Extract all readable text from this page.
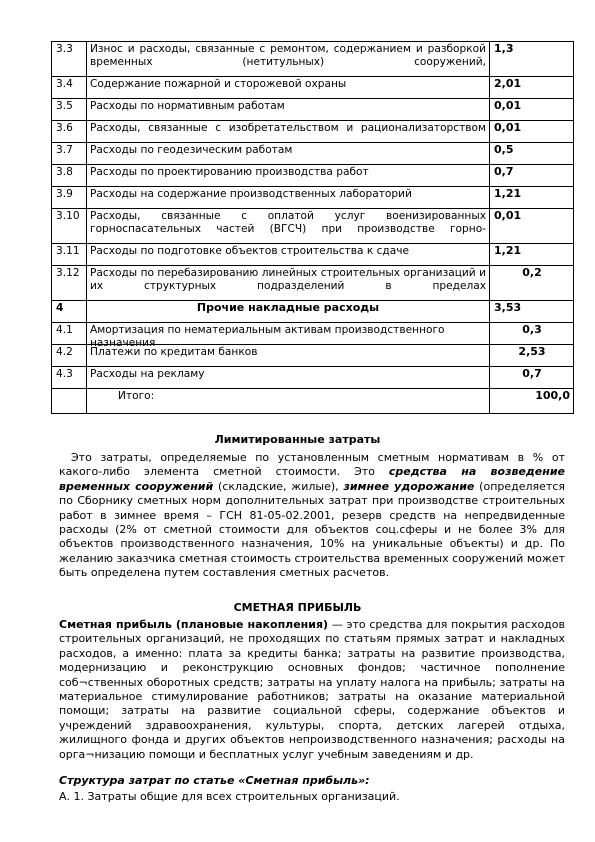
3.3	Износ и расходы, связанные с ремонтом, содержанием и разборкой временных (нетитульных) сооружений,	1,3

3.4	Содержание пожарной и сторожевой охраны	2,01

3.5	Расходы по нормативным работам	0,01

3.6	Расходы, связанные с изобретательством и рационализаторством	0,01

3.7	Расходы по геодезическим работам	0,5

3.8	Расходы по проектированию производства работ	0,7

3.9	Расходы на содержание производственных лабораторий	1,21

3.10	Расходы, связанные с оплатой услуг военизированных горноспасательных частей (ВГСЧ) при производстве горно-	0,01

3.11	Расходы по подготовке объектов строительства к сдаче	1,21

3.12	Расходы по перебазированию линейных строительных организаций и их структурных подразделений в пределах	0,2

4	Прочие накладные расходы	3,53

4.1	Амортизация по нематериальным активам производственного назначения	0,3

4.2	Платежи по кредитам банков	2,53

4.3	Расходы на рекламу	0,7

	Итого:	100,0
Лимитированные затраты

Это затраты, определяемые по установленным сметным нормативам в % от какого-либо элемента сметной стоимости. Это средства на возведение временных сооружений (складские, жилые), зимнее удорожание (определяется по Сборнику сметных норм дополнительных затрат при производстве строительных работ в зимнее время – ГСН 81-05-02.2001, резерв средств на непредвиденные расходы (2% от сметной стоимости для объектов соц.сферы и не более 3% для объектов производственного назначения, 10% на уникальные объекты) и др. По желанию заказчика сметная стоимость строительства временных сооружений может быть определена путем составления сметных расчетов.

СМЕТНАЯ ПРИБЫЛЬ

Сметная прибыль (плановые накопления) — это средства для покрытия расходов строительных организаций, не проходящих по статьям прямых затрат и накладных расходов, а именно: плата за кредиты банка; затраты на развитие производства, модернизацию и реконструкцию основных фондов; частичное пополнение соб¬ственных оборотных средств; затраты на уплату налога на прибыль; затраты на материальное стимулирование работников; затраты на оказание материальной помощи; затраты на развитие социальной сферы, содержание объектов и учреждений здравоохранения, культуры, спорта, детских лагерей отдыха, жилищного фонда и других объектов непроизводственного назначения; расходы на орга¬низацию помощи и бесплатных услуг учебным заведениям и др.

Структура затрат по статье «Сметная прибыль»:

А. 1. Затраты общие для всех строительных организаций.
